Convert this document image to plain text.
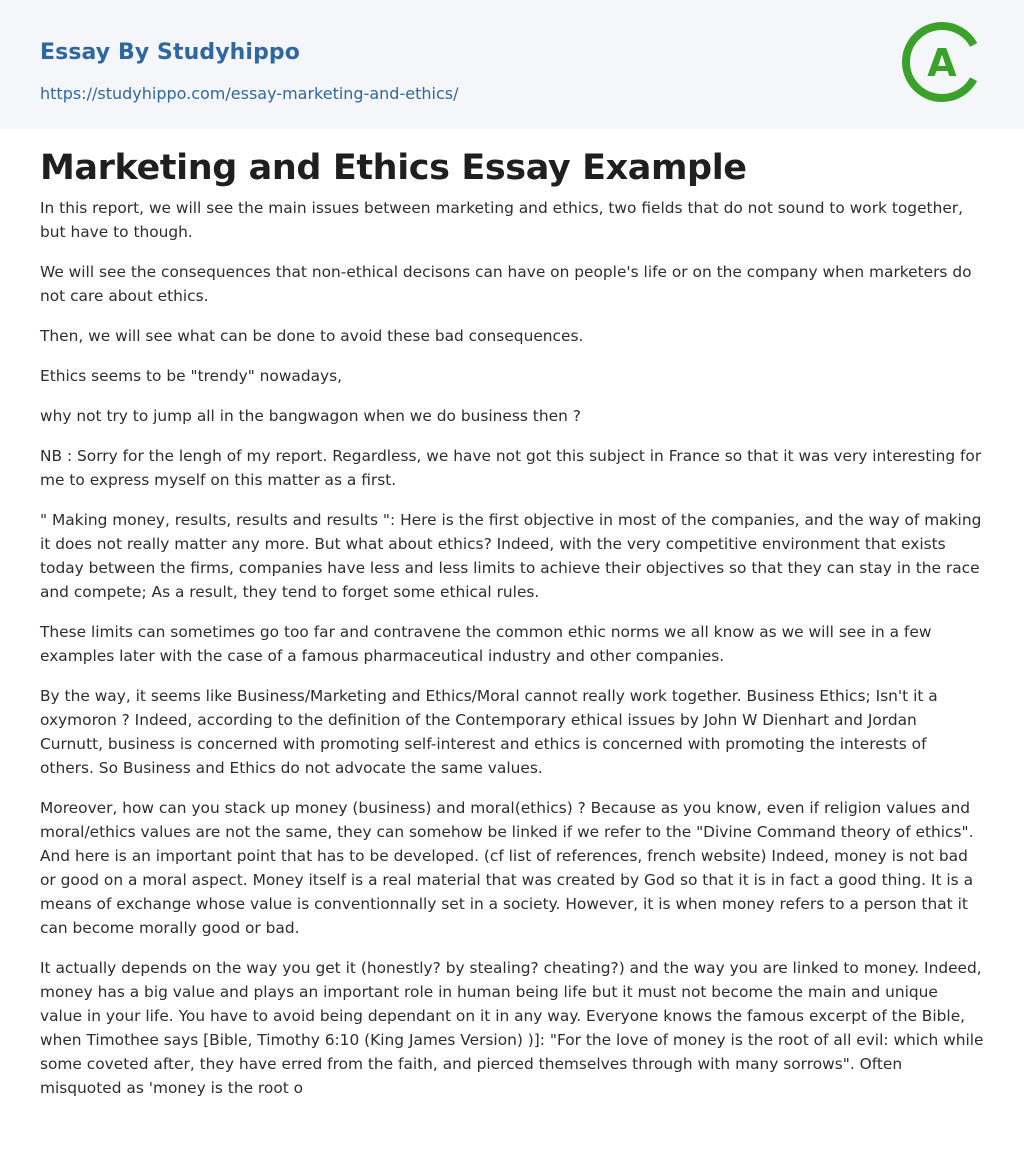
Essay By Studyhippo
https://studyhippo.com/essay-marketing-and-ethics/
A
Marketing and Ethics Essay Example

In this report, we will see the main issues between marketing and ethics, two fields that do not sound to work together, but have to though.

We will see the consequences that non-ethical decisons can have on people's life or on the company when marketers do not care about ethics.

Then, we will see what can be done to avoid these bad consequences.

Ethics seems to be "trendy" nowadays,

why not try to jump all in the bangwagon when we do business then ?

NB : Sorry for the lengh of my report. Regardless, we have not got this subject in France so that it was very interesting for me to express myself on this matter as a first.

" Making money, results, results and results ": Here is the first objective in most of the companies, and the way of making it does not really matter any more. But what about ethics? Indeed, with the very competitive environment that exists today between the firms, companies have less and less limits to achieve their objectives so that they can stay in the race and compete; As a result, they tend to forget some ethical rules.

These limits can sometimes go too far and contravene the common ethic norms we all know as we will see in a few examples later with the case of a famous pharmaceutical industry and other companies.

By the way, it seems like Business/Marketing and Ethics/Moral cannot really work together. Business Ethics; Isn't it a oxymoron ? Indeed, according to the definition of the Contemporary ethical issues by John W Dienhart and Jordan Curnutt, business is concerned with promoting self-interest and ethics is concerned with promoting the interests of others. So Business and Ethics do not advocate the same values.

Moreover, how can you stack up money (business) and moral(ethics) ? Because as you know, even if religion values and moral/ethics values are not the same, they can somehow be linked if we refer to the "Divine Command theory of ethics". And here is an important point that has to be developed. (cf list of references, french website) Indeed, money is not bad or good on a moral aspect. Money itself is a real material that was created by God so that it is in fact a good thing. It is a means of exchange whose value is conventionnally set in a society. However, it is when money refers to a person that it can become morally good or bad.

It actually depends on the way you get it (honestly? by stealing? cheating?) and the way you are linked to money. Indeed, money has a big value and plays an important role in human being life but it must not become the main and unique value in your life. You have to avoid being dependant on it in any way. Everyone knows the famous excerpt of the Bible, when Timothee says [Bible, Timothy 6:10 (King James Version) )]: "For the love of money is the root of all evil: which while some coveted after, they have erred from the faith, and pierced themselves through with many sorrows". Often misquoted as 'money is the root o
